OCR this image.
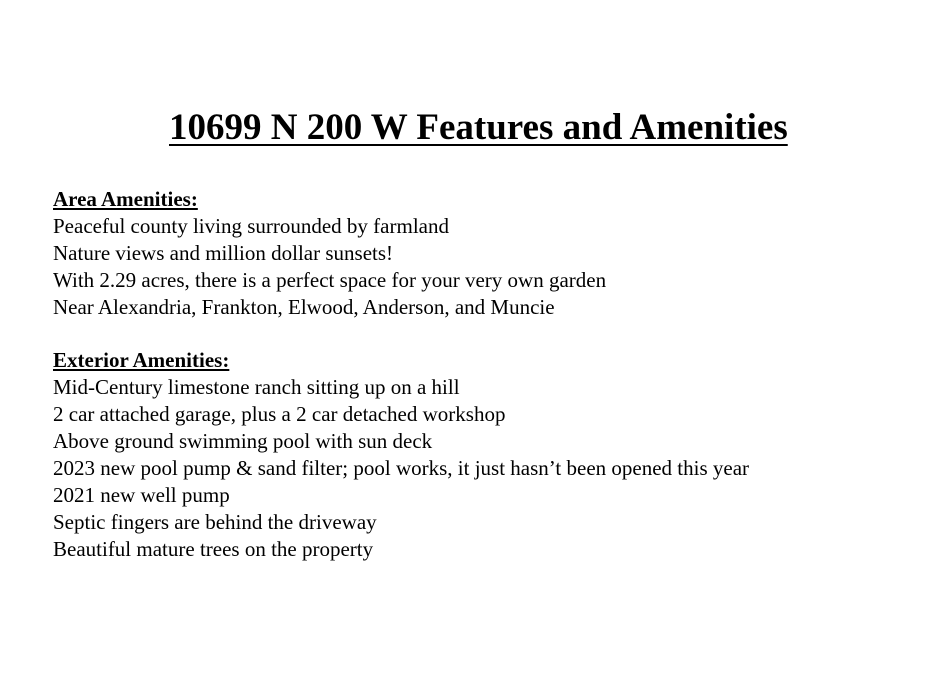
10699 N 200 W Features and Amenities
Area Amenities:
Peaceful county living surrounded by farmland
Nature views and million dollar sunsets!
With 2.29 acres, there is a perfect space for your very own garden
Near Alexandria, Frankton, Elwood, Anderson, and Muncie
Exterior Amenities:
Mid-Century limestone ranch sitting up on a hill
2 car attached garage, plus a 2 car detached workshop
Above ground swimming pool with sun deck
2023 new pool pump & sand filter; pool works, it just hasn’t been opened this year
2021 new well pump
Septic fingers are behind the driveway
Beautiful mature trees on the property
